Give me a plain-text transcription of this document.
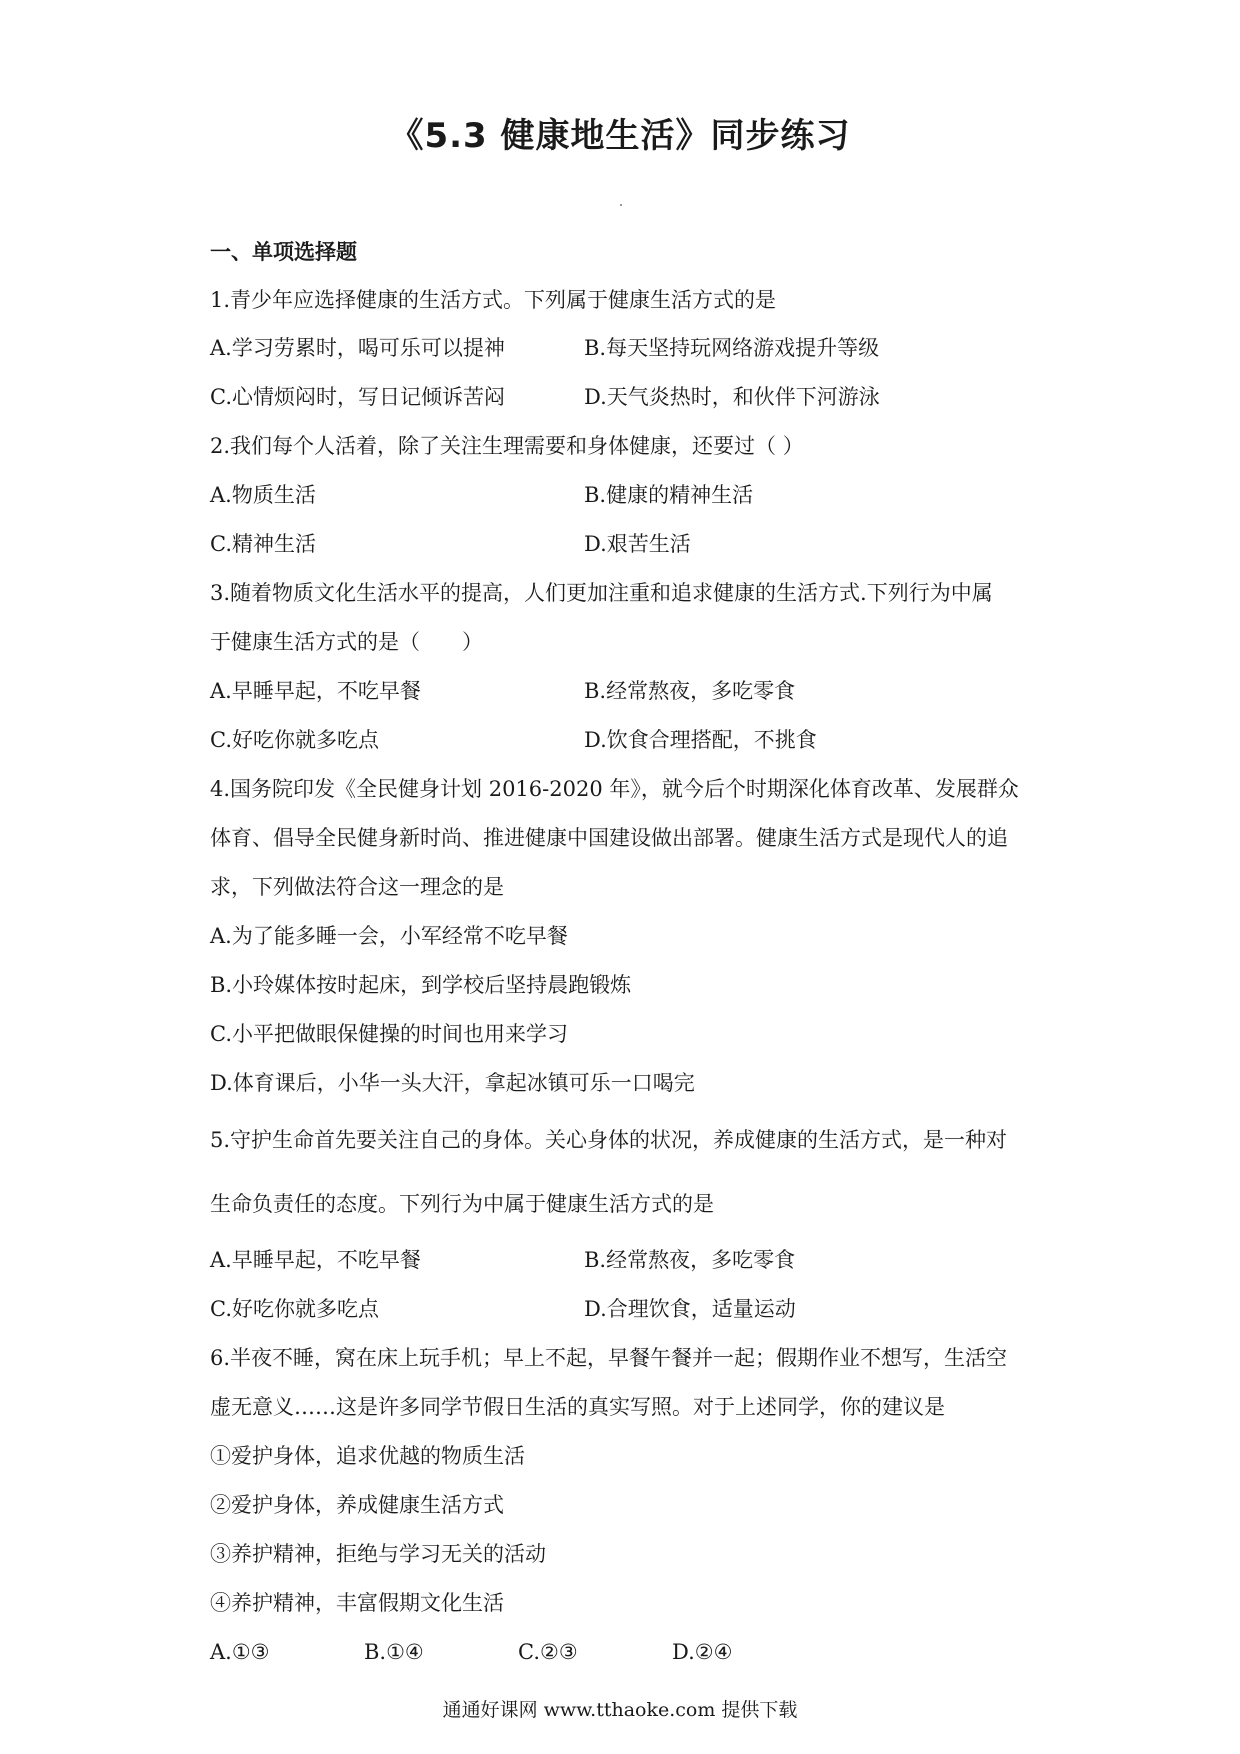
《5.3 健康地生活》同步练习
一、单项选择题
1.青少年应选择健康的生活方式。下列属于健康生活方式的是
A.学习劳累时，喝可乐可以提神	B.每天坚持玩网络游戏提升等级
C.心情烦闷时，写日记倾诉苦闷	D.天气炎热时，和伙伴下河游泳
2.我们每个人活着，除了关注生理需要和身体健康，还要过（ ）
A.物质生活	B.健康的精神生活
C.精神生活	D.艰苦生活
3.随着物质文化生活水平的提高，人们更加注重和追求健康的生活方式.下列行为中属
于健康生活方式的是（　　）
A.早睡早起，不吃早餐	B.经常熬夜，多吃零食
C.好吃你就多吃点	D.饮食合理搭配，不挑食
4.国务院印发《全民健身计划 2016-2020 年》，就今后个时期深化体育改革、发展群众
体育、倡导全民健身新时尚、推进健康中国建设做出部署。健康生活方式是现代人的追
求，下列做法符合这一理念的是
A.为了能多睡一会，小军经常不吃早餐
B.小玲媒体按时起床，到学校后坚持晨跑锻炼
C.小平把做眼保健操的时间也用来学习
D.体育课后，小华一头大汗，拿起冰镇可乐一口喝完
5.守护生命首先要关注自己的身体。关心身体的状况，养成健康的生活方式，是一种对
生命负责任的态度。下列行为中属于健康生活方式的是
A.早睡早起，不吃早餐	B.经常熬夜，多吃零食
C.好吃你就多吃点	D.合理饮食，适量运动
6.半夜不睡，窝在床上玩手机；早上不起，早餐午餐并一起；假期作业不想写，生活空
虚无意义……这是许多同学节假日生活的真实写照。对于上述同学，你的建议是
①爱护身体，追求优越的物质生活
②爱护身体，养成健康生活方式
③养护精神，拒绝与学习无关的活动
④养护精神，丰富假期文化生活
A.①③	B.①④	C.②③	D.②④
通通好课网 www.tthaoke.com 提供下载
